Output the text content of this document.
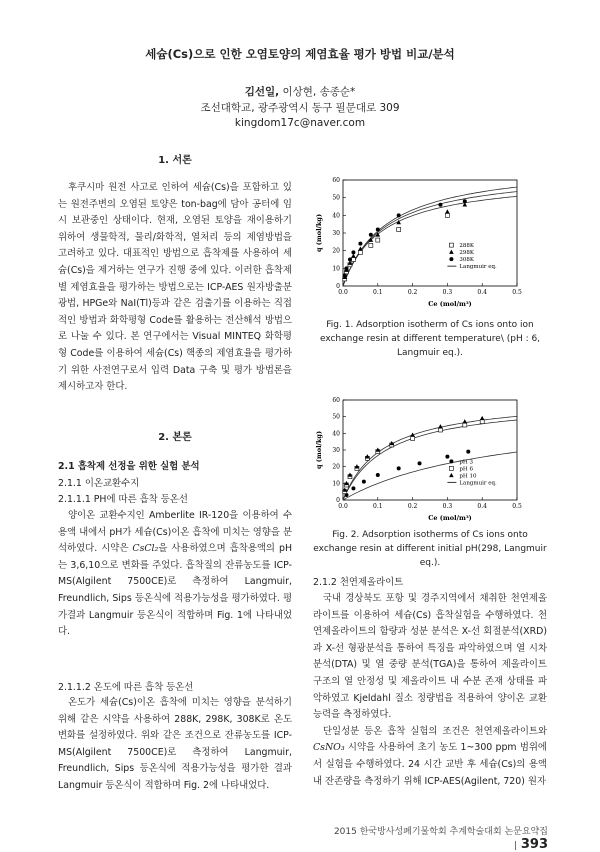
세슘(Cs)으로 인한 오염토양의 제염효율 평가 방법 비교/분석
김선일, 이상현, 송종순*
조선대학교, 광주광역시 동구 필문대로 309
kingdom17c@naver.com
1. 서론

후쿠시마 원전 사고로 인하여 세슘(Cs)을 포함하고 있는 원전주변의 오염된 토양은 ton-bag에 담아 공터에 임시 보관중인 상태이다. 현재, 오염된 토양을 재이용하기 위하여 생물학적, 물리/화학적, 열처리 등의 제염방법을 고려하고 있다. 대표적인 방법으로 흡착제를 사용하여 세슘(Cs)을 제거하는 연구가 진행 중에 있다. 이러한 흡착제별 제염효율을 평가하는 방법으로는 ICP-AES 원자방출분광법, HPGe와 NaI(Tl)등과 같은 검출기를 이용하는 직접적인 방법과 화학평형 Code를 활용하는 전산해석 방법으로 나눌 수 있다. 본 연구에서는 Visual MINTEQ 화학평형 Code를 이용하여 세슘(Cs) 핵종의 제염효율을 평가하기 위한 사전연구로서 입력 Data 구축 및 평가 방법론을 제시하고자 한다.

2. 본론
2.1 흡착제 선정을 위한 실험 분석
2.1.1 이온교환수지
2.1.1.1 PH에 따른 흡착 등온선

양이온 교환수지인 Amberlite IR-120을 이용하여 수용액 내에서 pH가 세슘(Cs)이온 흡착에 미치는 영향을 분석하였다. 시약은 CsCl₂을 사용하였으며 흡착용액의 pH는 3,6,10으로 변화를 주었다. 흡착질의 잔류농도를 ICP-MS(Algilent 7500CE)로 측정하여 Langmuir, Freundlich, Sips 등온식에 적용가능성을 평가하였다. 평가결과 Langmuir 등온식이 적합하며 Fig. 1에 나타내었다.

2.1.1.2 온도에 따른 흡착 등온선

온도가 세슘(Cs)이온 흡착에 미치는 영향을 분석하기 위해 같은 시약을 사용하여 288K, 298K, 308K로 온도변화를 설정하였다. 위와 같은 조건으로 잔류농도를 ICP-MS(Algilent 7500CE)로 측정하여 Langmuir, Freundlich, Sips 등온식에 적용가능성을 평가한 결과 Langmuir 등온식이 적합하며 Fig. 2에 나타내었다.

0.0	0.1	0.2	0.3	0.4	0.5
0
10
20
30
40
50
60
Ce (mol/m³)
q (mol/kg)	288K
298K
308K
Langmuir eq.
Fig. 1. Adsorption isotherm of Cs ions onto ion exchange resin at different temperature\ (pH : 6, Langmuir eq.).
0.0	0.1	0.2	0.3	0.4	0.5
0
10
20
30
40
50
60
Ce (mol/m³)
q (mol/kg)	pH 3
pH 6
pH 10
Langmuir eq.
Fig. 2. Adsorption isotherms of Cs ions onto exchange resin at different initial pH(298, Langmuir eq.).
2.1.2 천연제올라이트

국내 경상북도 포항 및 경주지역에서 채취한 천연제올라이트를 이용하여 세슘(Cs) 흡착실험을 수행하였다. 천연제올라이트의 함량과 성분 분석은 X-선 회절분석(XRD)과 X-선 형광분석을 통하여 특징을 파악하였으며 열 시차 분석(DTA) 및 열 중량 분석(TGA)을 통하여 제올라이트 구조의 열 안정성 및 제올라이트 내 수분 존재 상태를 파악하였고 Kjeldahl 질소 정량법을 적용하여 양이온 교환능력을 측정하였다.

단일성분 등온 흡착 실험의 조건은 천연제올라이트와 CsNO₃ 시약을 사용하여 초기 농도 1~300 ppm 범위에서 실험을 수행하였다. 24 시간 교반 후 세슘(Cs)의 용액 내 잔존량을 측정하기 위해 ICP-AES(Agilent, 720) 원자

2015 한국방사성폐기물학회 추계학술대회 논문요약집 | 393
